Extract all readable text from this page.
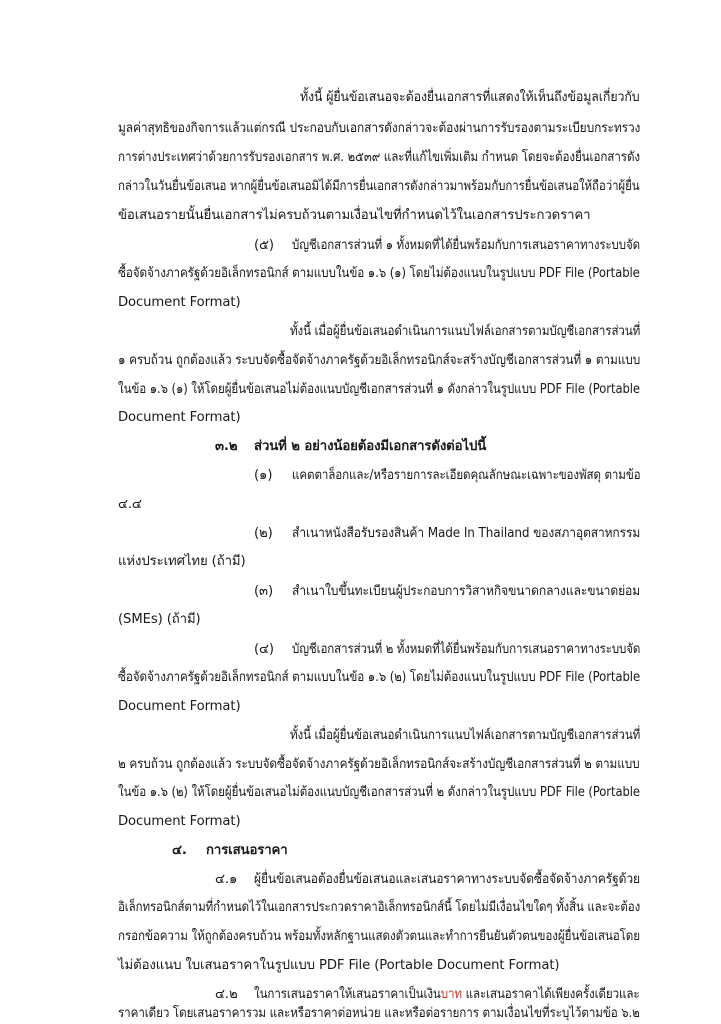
ทั้งนี้ ผู้ยื่นข้อเสนอจะต้องยื่นเอกสารที่แสดงให้เห็นถึงข้อมูลเกี่ยวกับ
มูลค่าสุทธิของกิจการแล้วแต่กรณี ประกอบกับเอกสารดังกล่าวจะต้องผ่านการรับรองตามระเบียบกระทรวง
การต่างประเทศว่าด้วยการรับรองเอกสาร พ.ศ. ๒๕๓๙ และที่แก้ไขเพิ่มเติม กำหนด โดยจะต้องยื่นเอกสารดัง
กล่าวในวันยื่นข้อเสนอ หากผู้ยื่นข้อเสนอมิได้มีการยื่นเอกสารดังกล่าวมาพร้อมกับการยื่นข้อเสนอให้ถือว่าผู้ยื่น
ข้อเสนอรายนั้นยื่นเอกสารไม่ครบถ้วนตามเงื่อนไขที่กำหนดไว้ในเอกสารประกวดราคา
(๕) บัญชีเอกสารส่วนที่ ๑ ทั้งหมดที่ได้ยื่นพร้อมกับการเสนอราคาทางระบบจัด
ซื้อจัดจ้างภาครัฐด้วยอิเล็กทรอนิกส์ ตามแบบในข้อ ๑.๖ (๑) โดยไม่ต้องแนบในรูปแบบ PDF File (Portable
Document Format)
ทั้งนี้ เมื่อผู้ยื่นข้อเสนอดำเนินการแนบไฟล์เอกสารตามบัญชีเอกสารส่วนที่
๑ ครบถ้วน ถูกต้องแล้ว ระบบจัดซื้อจัดจ้างภาครัฐด้วยอิเล็กทรอนิกส์จะสร้างบัญชีเอกสารส่วนที่ ๑ ตามแบบ
ในข้อ ๑.๖ (๑) ให้โดยผู้ยื่นข้อเสนอไม่ต้องแนบบัญชีเอกสารส่วนที่ ๑ ดังกล่าวในรูปแบบ PDF File (Portable
Document Format)
๓.๒ ส่วนที่ ๒ อย่างน้อยต้องมีเอกสารดังต่อไปนี้
(๑) แคตตาล็อกและ/หรือรายการละเอียดคุณลักษณะเฉพาะของพัสดุ ตามข้อ
๔.๔
(๒) สำเนาหนังสือรับรองสินค้า Made In Thailand ของสภาอุตสาหกรรม
แห่งประเทศไทย (ถ้ามี)
(๓) สำเนาใบขึ้นทะเบียนผู้ประกอบการวิสาหกิจขนาดกลางและขนาดย่อม
(SMEs) (ถ้ามี)
(๔) บัญชีเอกสารส่วนที่ ๒ ทั้งหมดที่ได้ยื่นพร้อมกับการเสนอราคาทางระบบจัด
ซื้อจัดจ้างภาครัฐด้วยอิเล็กทรอนิกส์ ตามแบบในข้อ ๑.๖ (๒) โดยไม่ต้องแนบในรูปแบบ PDF File (Portable
Document Format)
ทั้งนี้ เมื่อผู้ยื่นข้อเสนอดำเนินการแนบไฟล์เอกสารตามบัญชีเอกสารส่วนที่
๒ ครบถ้วน ถูกต้องแล้ว ระบบจัดซื้อจัดจ้างภาครัฐด้วยอิเล็กทรอนิกส์จะสร้างบัญชีเอกสารส่วนที่ ๒ ตามแบบ
ในข้อ ๑.๖ (๒) ให้โดยผู้ยื่นข้อเสนอไม่ต้องแนบบัญชีเอกสารส่วนที่ ๒ ดังกล่าวในรูปแบบ PDF File (Portable
Document Format)
๔. การเสนอราคา
๔.๑ ผู้ยื่นข้อเสนอต้องยื่นข้อเสนอและเสนอราคาทางระบบจัดซื้อจัดจ้างภาครัฐด้วย
อิเล็กทรอนิกส์ตามที่กำหนดไว้ในเอกสารประกวดราคาอิเล็กทรอนิกส์นี้ โดยไม่มีเงื่อนไขใดๆ ทั้งสิ้น และจะต้อง
กรอกข้อความ ให้ถูกต้องครบถ้วน พร้อมทั้งหลักฐานแสดงตัวตนและทำการยืนยันตัวตนของผู้ยื่นข้อเสนอโดย
ไม่ต้องแนบ ใบเสนอราคาในรูปแบบ PDF File (Portable Document Format)
๔.๒ ในการเสนอราคาให้เสนอราคาเป็นเงินบาท และเสนอราคาได้เพียงครั้งเดียวและ
ราคาเดียว โดยเสนอราคารวม และหรือราคาต่อหน่วย และหรือต่อรายการ ตามเงื่อนไขที่ระบุไว้ตามข้อ ๖.๒
